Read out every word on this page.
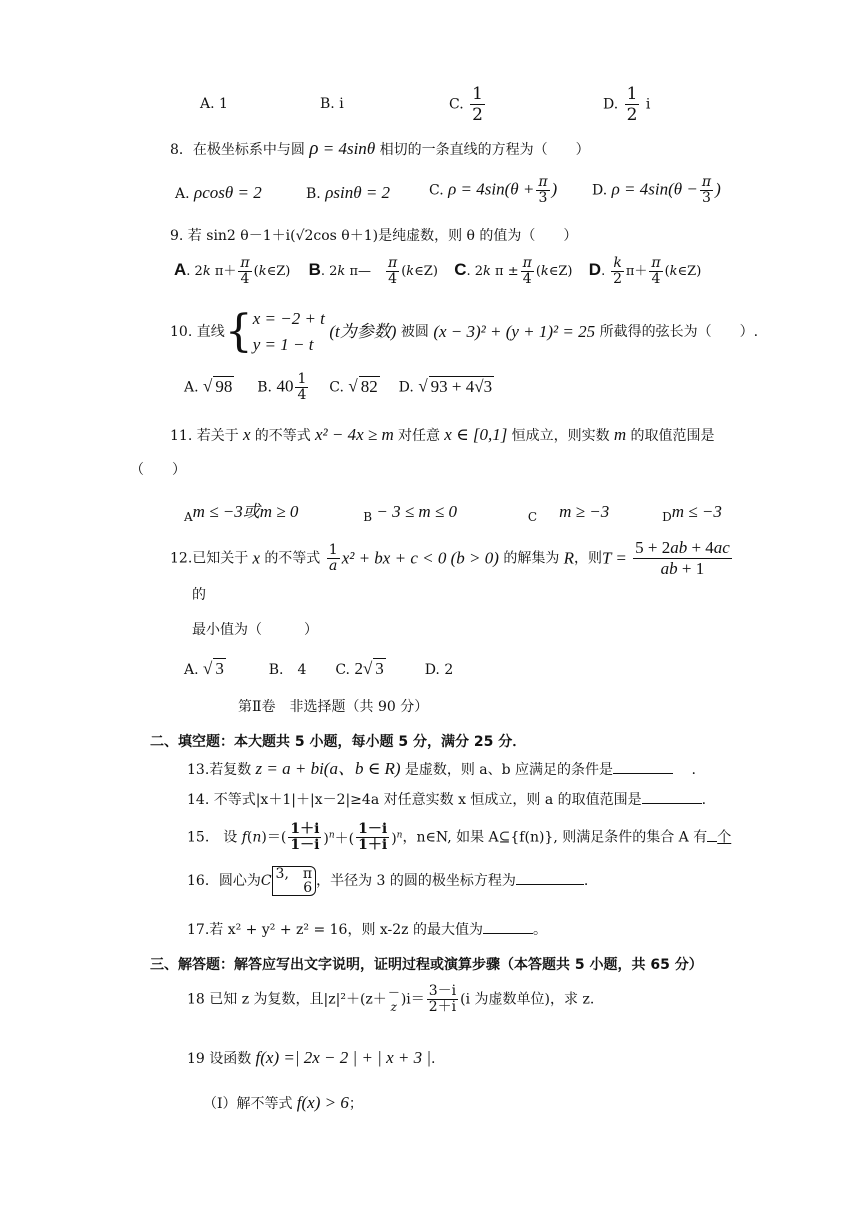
A. 1	B. i	C. $\frac{1}{2}$	D. $\frac{1}{2}$ i
8．在极坐标系中与圆 ρ = 4sinθ 相切的一条直线的方程为（　　）
A. ρcosθ = 2	B. ρsinθ = 2	C. $\rho = 4\sin(\theta + \frac{\pi}{3}$ ) D. $\rho = 4\sin(\theta - \frac{\pi}{3}$ )
9. 若 sin2 θ－1＋i(√2cos θ＋1)是纯虚数，则 θ 的值为（　　）
A. 2k $\pi+ \frac{\pi}{4}$ (k∈Z)  B. 2k π—　 $\frac{\pi}{4}$ (k∈Z)  C. 2k $\pi \pm \frac{\pi}{4}$ (k∈Z)  D. $\frac{k}{2} \pi+ \frac{\pi}{4}$ (k∈Z)
10. 直线{ x = −2 + t
y = 1 − t
(t为参数) 被圆 (x − 3)² + (y + 1)² = 25 所截得的弦长为（　　）.
A. √ 98 B. $40 \frac{1}{4} C$. √ 82 D. √ 93 + 4√3
11. 若关于 x 的不等式 x² − 4x ≥ m 对任意 x ∈ [0,1] 恒成立，则实数 m 的取值范围是
（　　）
Am ≤ −3或m ≥ 0	B − 3 ≤ m ≤ 0	C m ≥ −3	Dm ≤ −3
12.已知关于 x 的不等式 $\frac{1}{a} x^2$ + bx + c < 0 (b > 0) 的解集为 R，则$T = \frac{5 + 2ab + 4ac}{ab + 1}$
的
最小值为（　　　）
A. √ 3	B.　4 C. 2√ 3	D. 2
第Ⅱ卷　非选择题（共 90 分）
二、填空题：本大题共 5 小题，每小题 5 分，满分 25 分．
13.若复数 z = a + bi(a、b ∈ R) 是虚数，则 a、b 应满足的条件是	　 .
14. 不等式|x＋1|＋|x－2|≥4a 对任意实数 x 恒成立，则 a 的取值范围是	.
15.　设 $f(n)=( \frac{1+i}{1-i} )^n+( \frac{1-i}{1+i} )^n$，n∈N, 如果 A⊆{f(n)}, 则满足条件的集合 A 有 个
16．圆心为C 3,　π
6 ，半径为 3 的圆的极坐标方程为	.
17.若 x² + y² + z² = 16，则 x-2z 的最大值为	。
三、解答题：解答应写出文字说明，证明过程或演算步骤（本答题共 5 小题，共 65 分）
18 已知 z 为复数，且|z|²＋(z＋ —
z )$i= \frac{3-i}{2+i} (i$ 为虚数单位)，求 z.
19 设函数 f(x) =| 2x − 2 | + | x + 3 |.
（I）解不等式 f(x) > 6；
